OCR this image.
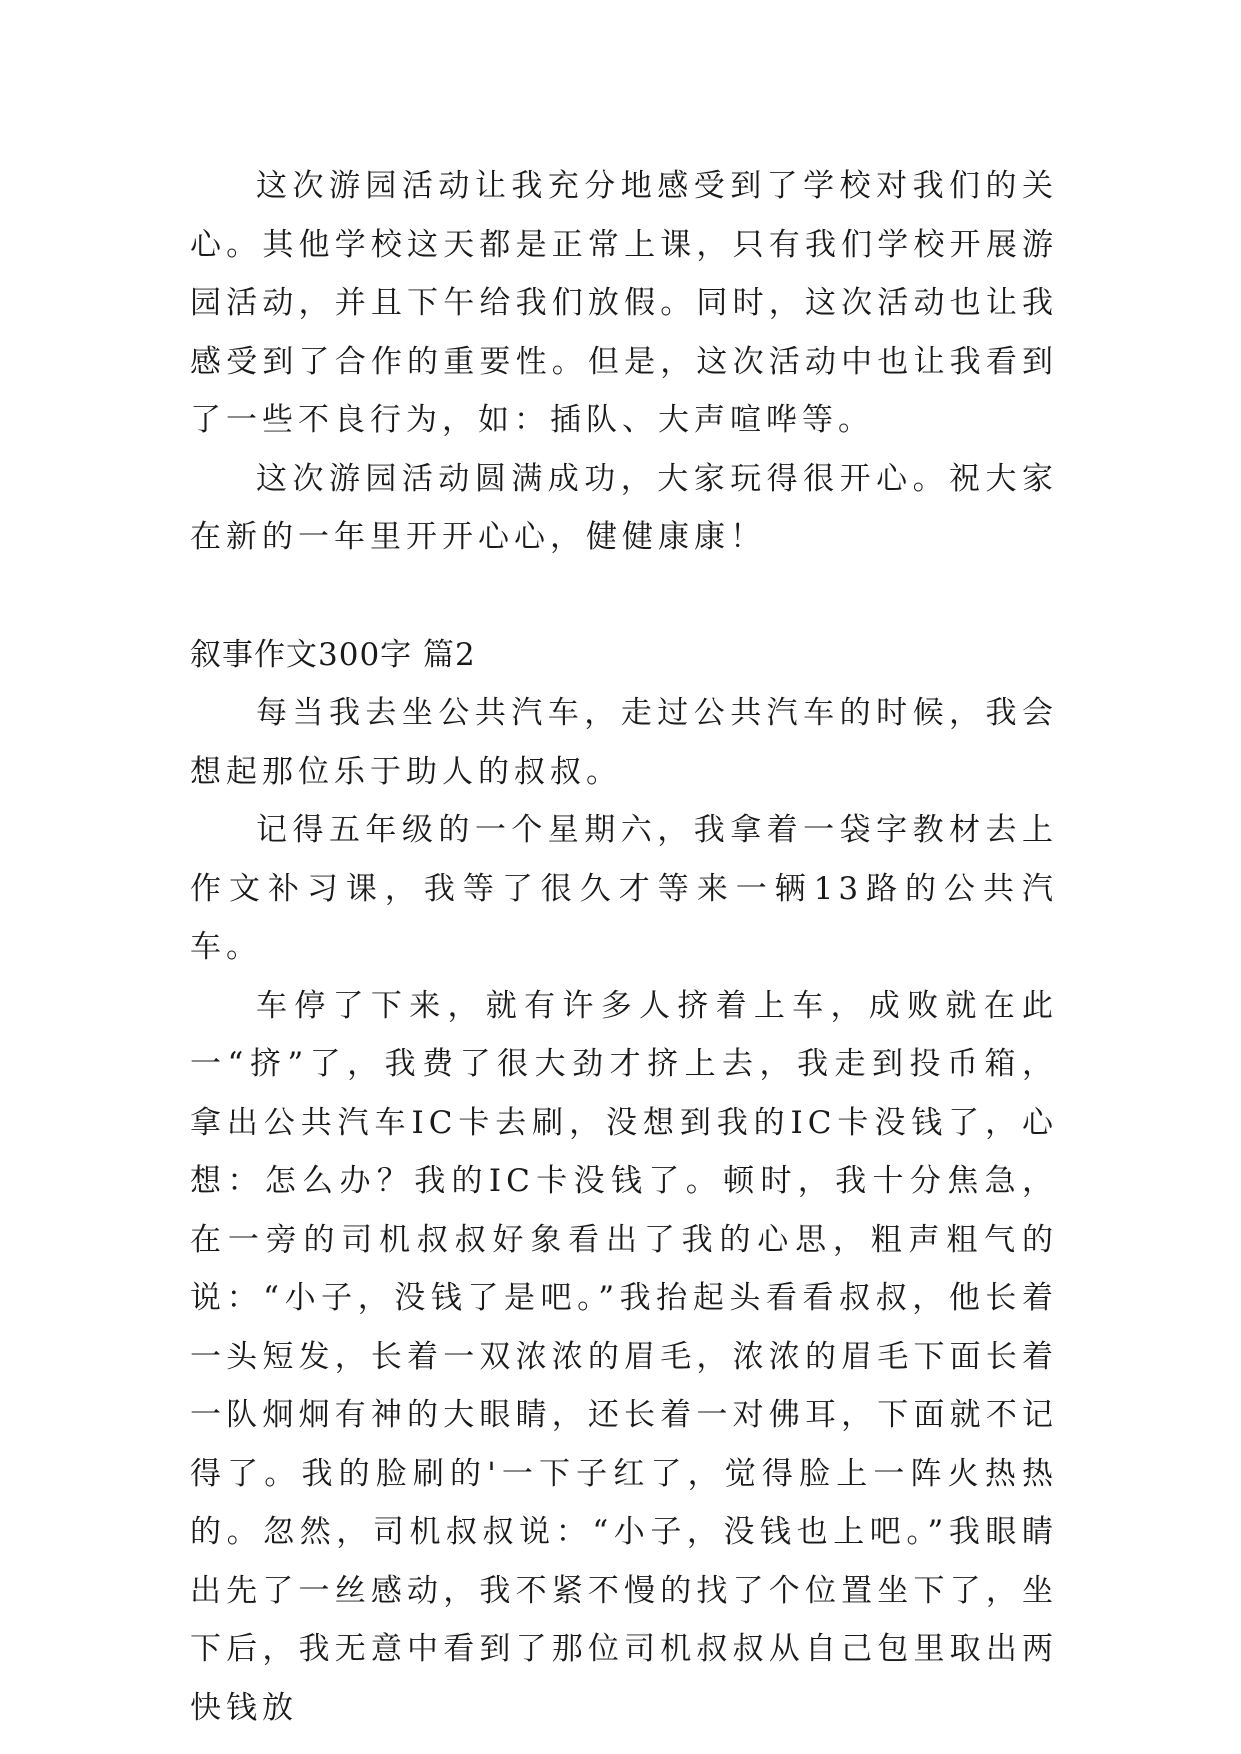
这次游园活动让我充分地感受到了学校对我们的关心。其他学校这天都是正常上课，只有我们学校开展游园活动，并且下午给我们放假。同时，这次活动也让我感受到了合作的重要性。但是，这次活动中也让我看到了一些不良行为，如：插队、大声喧哗等。

这次游园活动圆满成功，大家玩得很开心。祝大家在新的一年里开开心心，健健康康！

叙事作文300字 篇2

每当我去坐公共汽车，走过公共汽车的时候，我会想起那位乐于助人的叔叔。

记得五年级的一个星期六，我拿着一袋字教材去上作文补习课，我等了很久才等来一辆13路的公共汽车。

车停了下来，就有许多人挤着上车，成败就在此一“挤”了，我费了很大劲才挤上去，我走到投币箱，拿出公共汽车IC卡去刷，没想到我的IC卡没钱了，心想：怎么办？我的IC卡没钱了。顿时，我十分焦急，在一旁的司机叔叔好象看出了我的心思，粗声粗气的说：“小子，没钱了是吧。”我抬起头看看叔叔，他长着一头短发，长着一双浓浓的眉毛，浓浓的眉毛下面长着一队炯炯有神的大眼睛，还长着一对佛耳，下面就不记得了。我的脸刷的'一下子红了，觉得脸上一阵火热热的。忽然，司机叔叔说：“小子，没钱也上吧。”我眼睛出先了一丝感动，我不紧不慢的找了个位置坐下了，坐下后，我无意中看到了那位司机叔叔从自己包里取出两快钱放
